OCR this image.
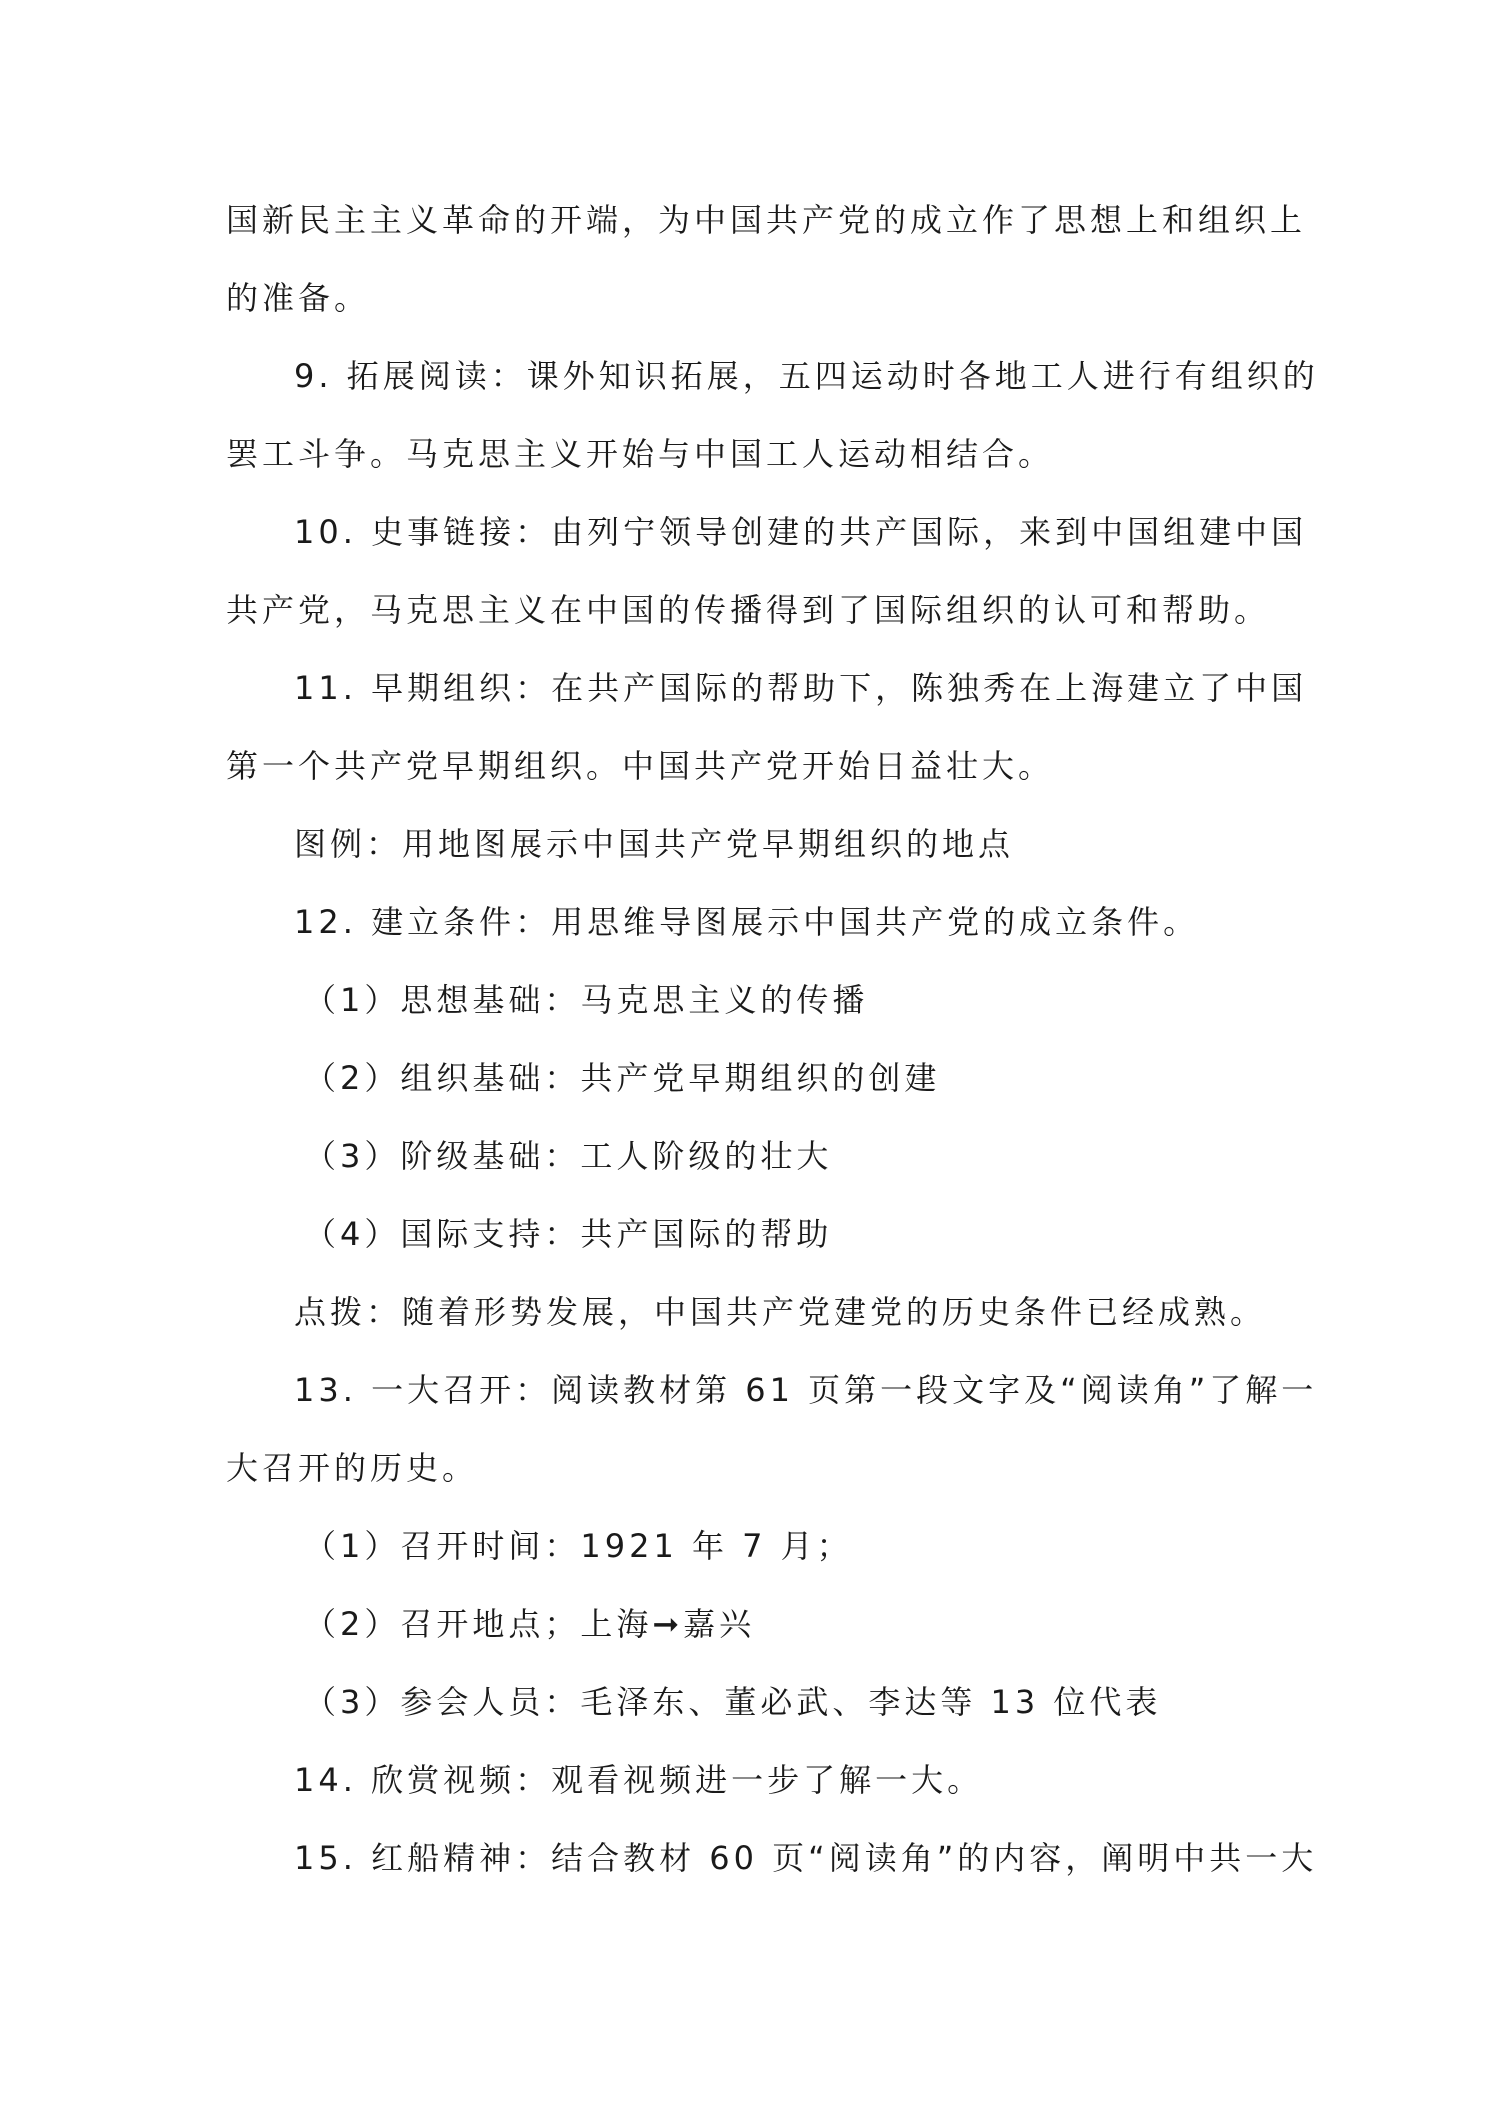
国新民主主义革命的开端，为中国共产党的成立作了思想上和组织上
的准备。
9. 拓展阅读：课外知识拓展，五四运动时各地工人进行有组织的
罢工斗争。马克思主义开始与中国工人运动相结合。
10. 史事链接：由列宁领导创建的共产国际，来到中国组建中国
共产党，马克思主义在中国的传播得到了国际组织的认可和帮助。
11. 早期组织：在共产国际的帮助下，陈独秀在上海建立了中国
第一个共产党早期组织。中国共产党开始日益壮大。
图例：用地图展示中国共产党早期组织的地点
12. 建立条件：用思维导图展示中国共产党的成立条件。
（1）思想基础：马克思主义的传播
（2）组织基础：共产党早期组织的创建
（3）阶级基础：工人阶级的壮大
（4）国际支持：共产国际的帮助
点拨：随着形势发展，中国共产党建党的历史条件已经成熟。
13. 一大召开：阅读教材第 61 页第一段文字及“阅读角”了解一
大召开的历史。
（1）召开时间：1921 年 7 月；
（2）召开地点；上海➞嘉兴
（3）参会人员：毛泽东、董必武、李达等 13 位代表
14. 欣赏视频：观看视频进一步了解一大。
15. 红船精神：结合教材 60 页“阅读角”的内容，阐明中共一大
